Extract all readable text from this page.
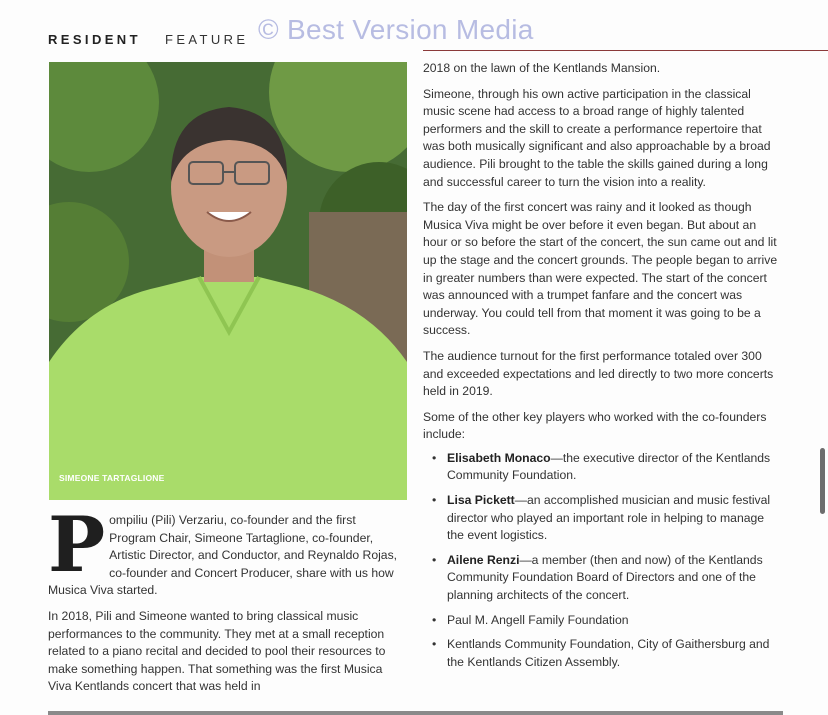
RESIDENT FEATURE © Best Version Media
SIMEONE TARTAGLIONE

P ompiliu (Pili) Verzariu, co-founder and the first Program Chair, Simeone Tartaglione, co-founder, Artistic Director, and Conductor, and Reynaldo Rojas, co-founder and Concert Producer, share with us how Musica Viva started.

In 2018, Pili and Simeone wanted to bring classical music performances to the community. They met at a small reception related to a piano recital and decided to pool their resources to make something happen. That something was the first Musica Viva Kentlands concert that was held in

2018 on the lawn of the Kentlands Mansion.

Simeone, through his own active participation in the classical music scene had access to a broad range of highly talented performers and the skill to create a performance repertoire that was both musically significant and also approachable by a broad audience. Pili brought to the table the skills gained during a long and successful career to turn the vision into a reality.

The day of the first concert was rainy and it looked as though Musica Viva might be over before it even began. But about an hour or so before the start of the concert, the sun came out and lit up the stage and the concert grounds. The people began to arrive in greater numbers than were expected. The start of the concert was announced with a trumpet fanfare and the concert was underway. You could tell from that moment it was going to be a success.

The audience turnout for the first performance totaled over 300 and exceeded expectations and led directly to two more concerts held in 2019.

Some of the other key players who worked with the co-founders include:

• Elisabeth Monaco—the executive director of the Kentlands Community Foundation.
• Lisa Pickett—an accomplished musician and music festival director who played an important role in helping to manage the event logistics.
• Ailene Renzi—a member (then and now) of the Kentlands Community Foundation Board of Directors and one of the planning architects of the concert.
• Paul M. Angell Family Foundation
• Kentlands Community Foundation, City of Gaithersburg and the Kentlands Citizen Assembly.
